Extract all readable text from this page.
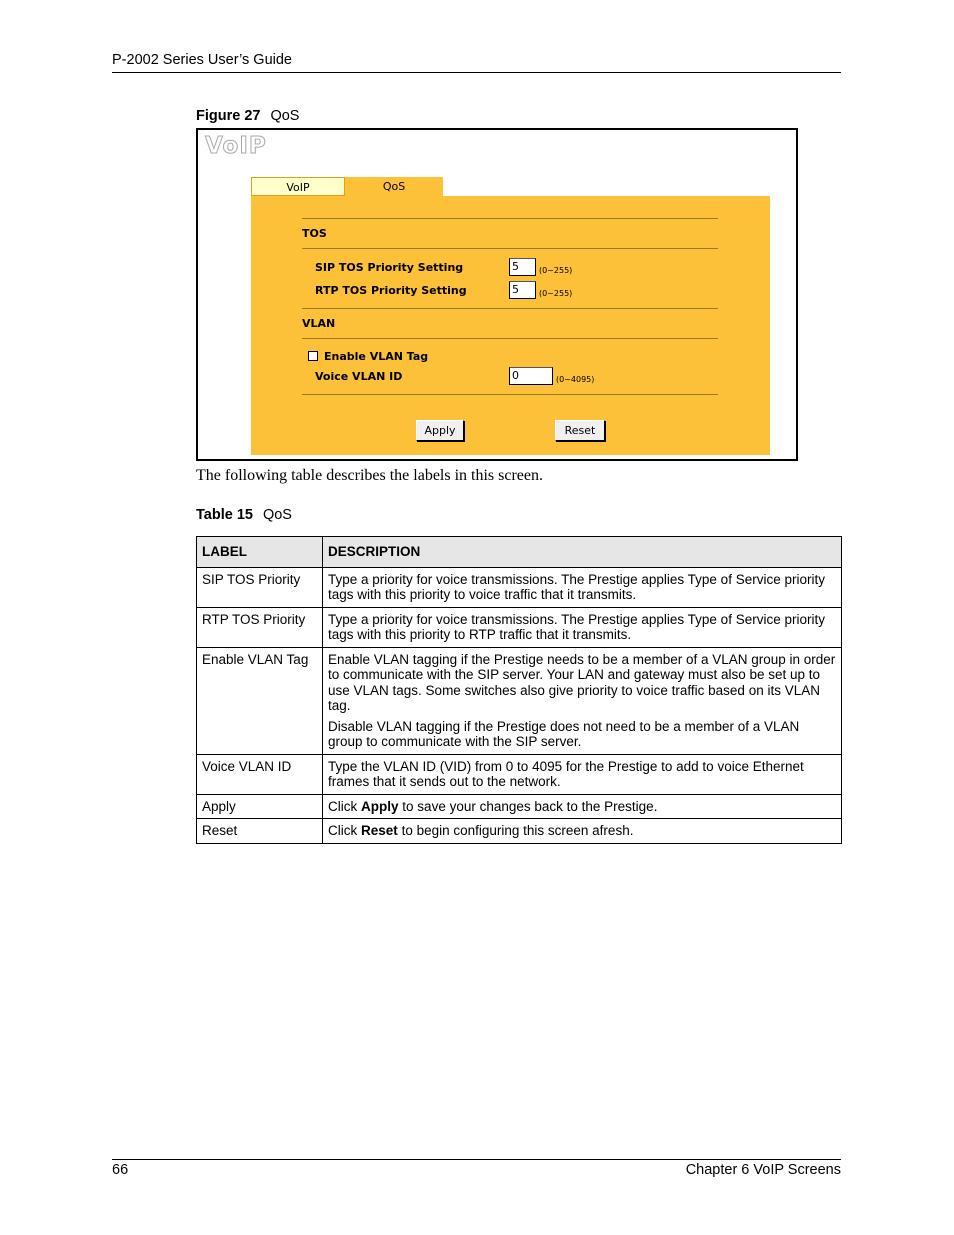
P-2002 Series User’s Guide
Figure 27 QoS
VoIP
VoIP	QoS
TOS
SIP TOS Priority Setting	5	(0~255)
RTP TOS Priority Setting	5	(0~255)
VLAN
Enable VLAN Tag
Voice VLAN ID	0	(0~4095)
Apply	Reset
The following table describes the labels in this screen.
Table 15 QoS
LABEL	DESCRIPTION
SIP TOS Priority	Type a priority for voice transmissions. The Prestige applies Type of Service priority tags with this priority to voice traffic that it transmits.
RTP TOS Priority	Type a priority for voice transmissions. The Prestige applies Type of Service priority tags with this priority to RTP traffic that it transmits.
Enable VLAN Tag	Enable VLAN tagging if the Prestige needs to be a member of a VLAN group in order to communicate with the SIP server. Your LAN and gateway must also be set up to use VLAN tags. Some switches also give priority to voice traffic based on its VLAN tag.

Disable VLAN tagging if the Prestige does not need to be a member of a VLAN group to communicate with the SIP server.

Voice VLAN ID	Type the VLAN ID (VID) from 0 to 4095 for the Prestige to add to voice Ethernet frames that it sends out to the network.
Apply	Click Apply to save your changes back to the Prestige.
Reset	Click Reset to begin configuring this screen afresh.
66	Chapter 6 VoIP Screens
